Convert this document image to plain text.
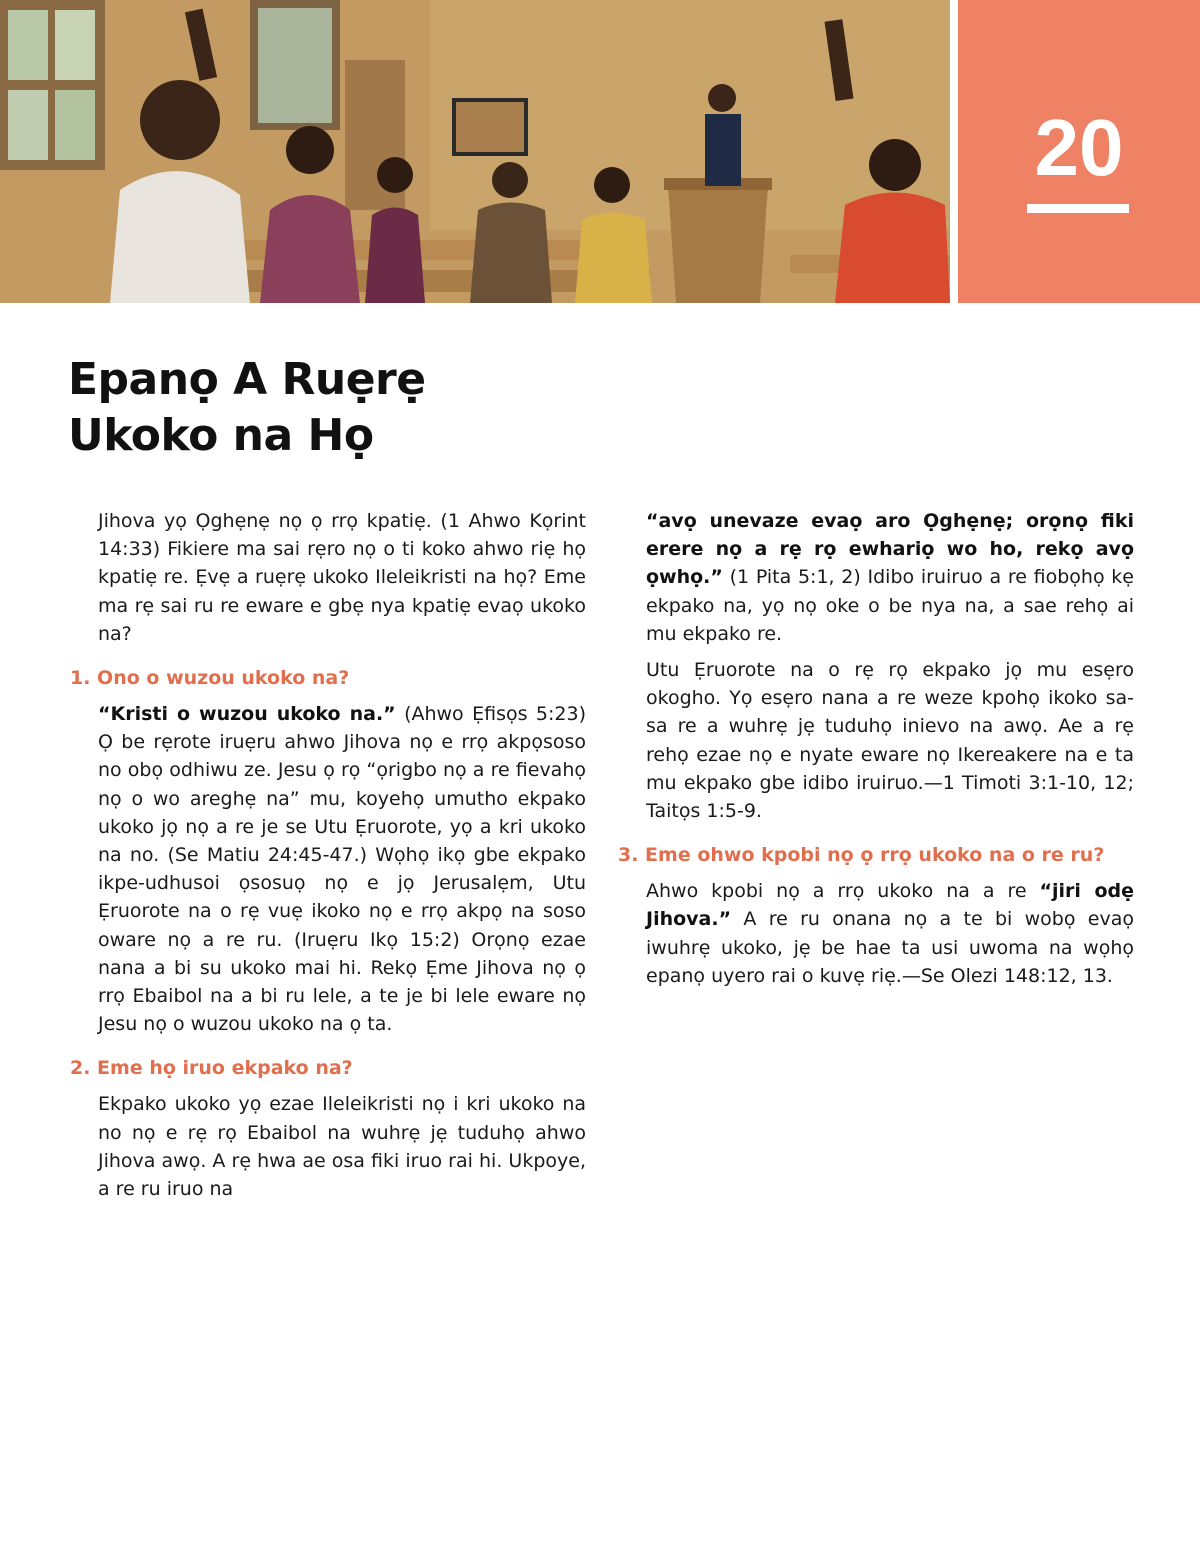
20
Epanọ A Ruẹrẹ
Ukoko na Họ

Jihova yọ Ọghẹnẹ nọ ọ rrọ kpatiẹ. (1 Ahwo Kọrint 14:33) Fikiere ma sai rẹro nọ o ti koko ahwo riẹ họ kpatiẹ re. Ẹvẹ a ruẹrẹ ukoko Ileleikristi na họ? Eme ma rẹ sai ru re eware e gbẹ nya kpatiẹ evaọ ukoko na?

1. Ono o wuzou ukoko na?

“Kristi o wuzou ukoko na.” (Ahwo Ẹfisọs 5:23) Ọ be rẹrote iruẹru ahwo Jihova nọ e rrọ akpọsoso no obọ odhiwu ze. Jesu ọ rọ “ọrigbo nọ a re fievahọ nọ o wo areghẹ na” mu, koyehọ umutho ekpako ukoko jọ nọ a re je se Utu Ẹruorote, yọ a kri ukoko na no. (Se Matiu 24:45-47.) Wọhọ ikọ gbe ekpako ikpe-udhusoi ọsosuọ nọ e jọ Jerusalẹm, Utu Ẹruorote na o rẹ vuẹ ikoko nọ e rrọ akpọ na soso oware nọ a re ru. (Iruẹru Ikọ 15:2) Orọnọ ezae nana a bi su ukoko mai hi. Rekọ Ẹme Jihova nọ ọ rrọ Ebaibol na a bi ru lele, a te je bi lele eware nọ Jesu nọ o wuzou ukoko na ọ ta.

2. Eme họ iruo ekpako na?

Ekpako ukoko yọ ezae Ileleikristi nọ i kri ukoko na no nọ e rẹ rọ Ebaibol na wuhrẹ jẹ tuduhọ ahwo Jihova awọ. A rẹ hwa ae osa fiki iruo rai hi. Ukpoye, a re ru iruo na

“avọ unevaze evaọ aro Ọghẹnẹ; orọnọ fiki erere nọ a rẹ rọ ewhariọ wo ho, rekọ avọ ọwhọ.” (1 Pita 5:1, 2) Idibo iruiruo a re fiobọhọ kẹ ekpako na, yọ nọ oke o be nya na, a sae rehọ ai mu ekpako re.

Utu Ẹruorote na o rẹ rọ ekpako jọ mu esẹro okogho. Yọ esẹro nana a re weze kpohọ ikoko sa-sa re a wuhrẹ jẹ tuduhọ inievo na awọ. Ae a rẹ rehọ ezae nọ e nyate eware nọ Ikereakere na e ta mu ekpako gbe idibo iruiruo.—1 Timoti 3:1-10, 12; Taitọs 1:5-9.

3. Eme ohwo kpobi nọ ọ rrọ ukoko na o re ru?

Ahwo kpobi nọ a rrọ ukoko na a re “jiri odẹ Jihova.” A re ru onana nọ a te bi wobọ evaọ iwuhrẹ ukoko, jẹ be hae ta usi uwoma na wọhọ epanọ uyero rai o kuvẹ riẹ.—Se Olezi 148:12, 13.
